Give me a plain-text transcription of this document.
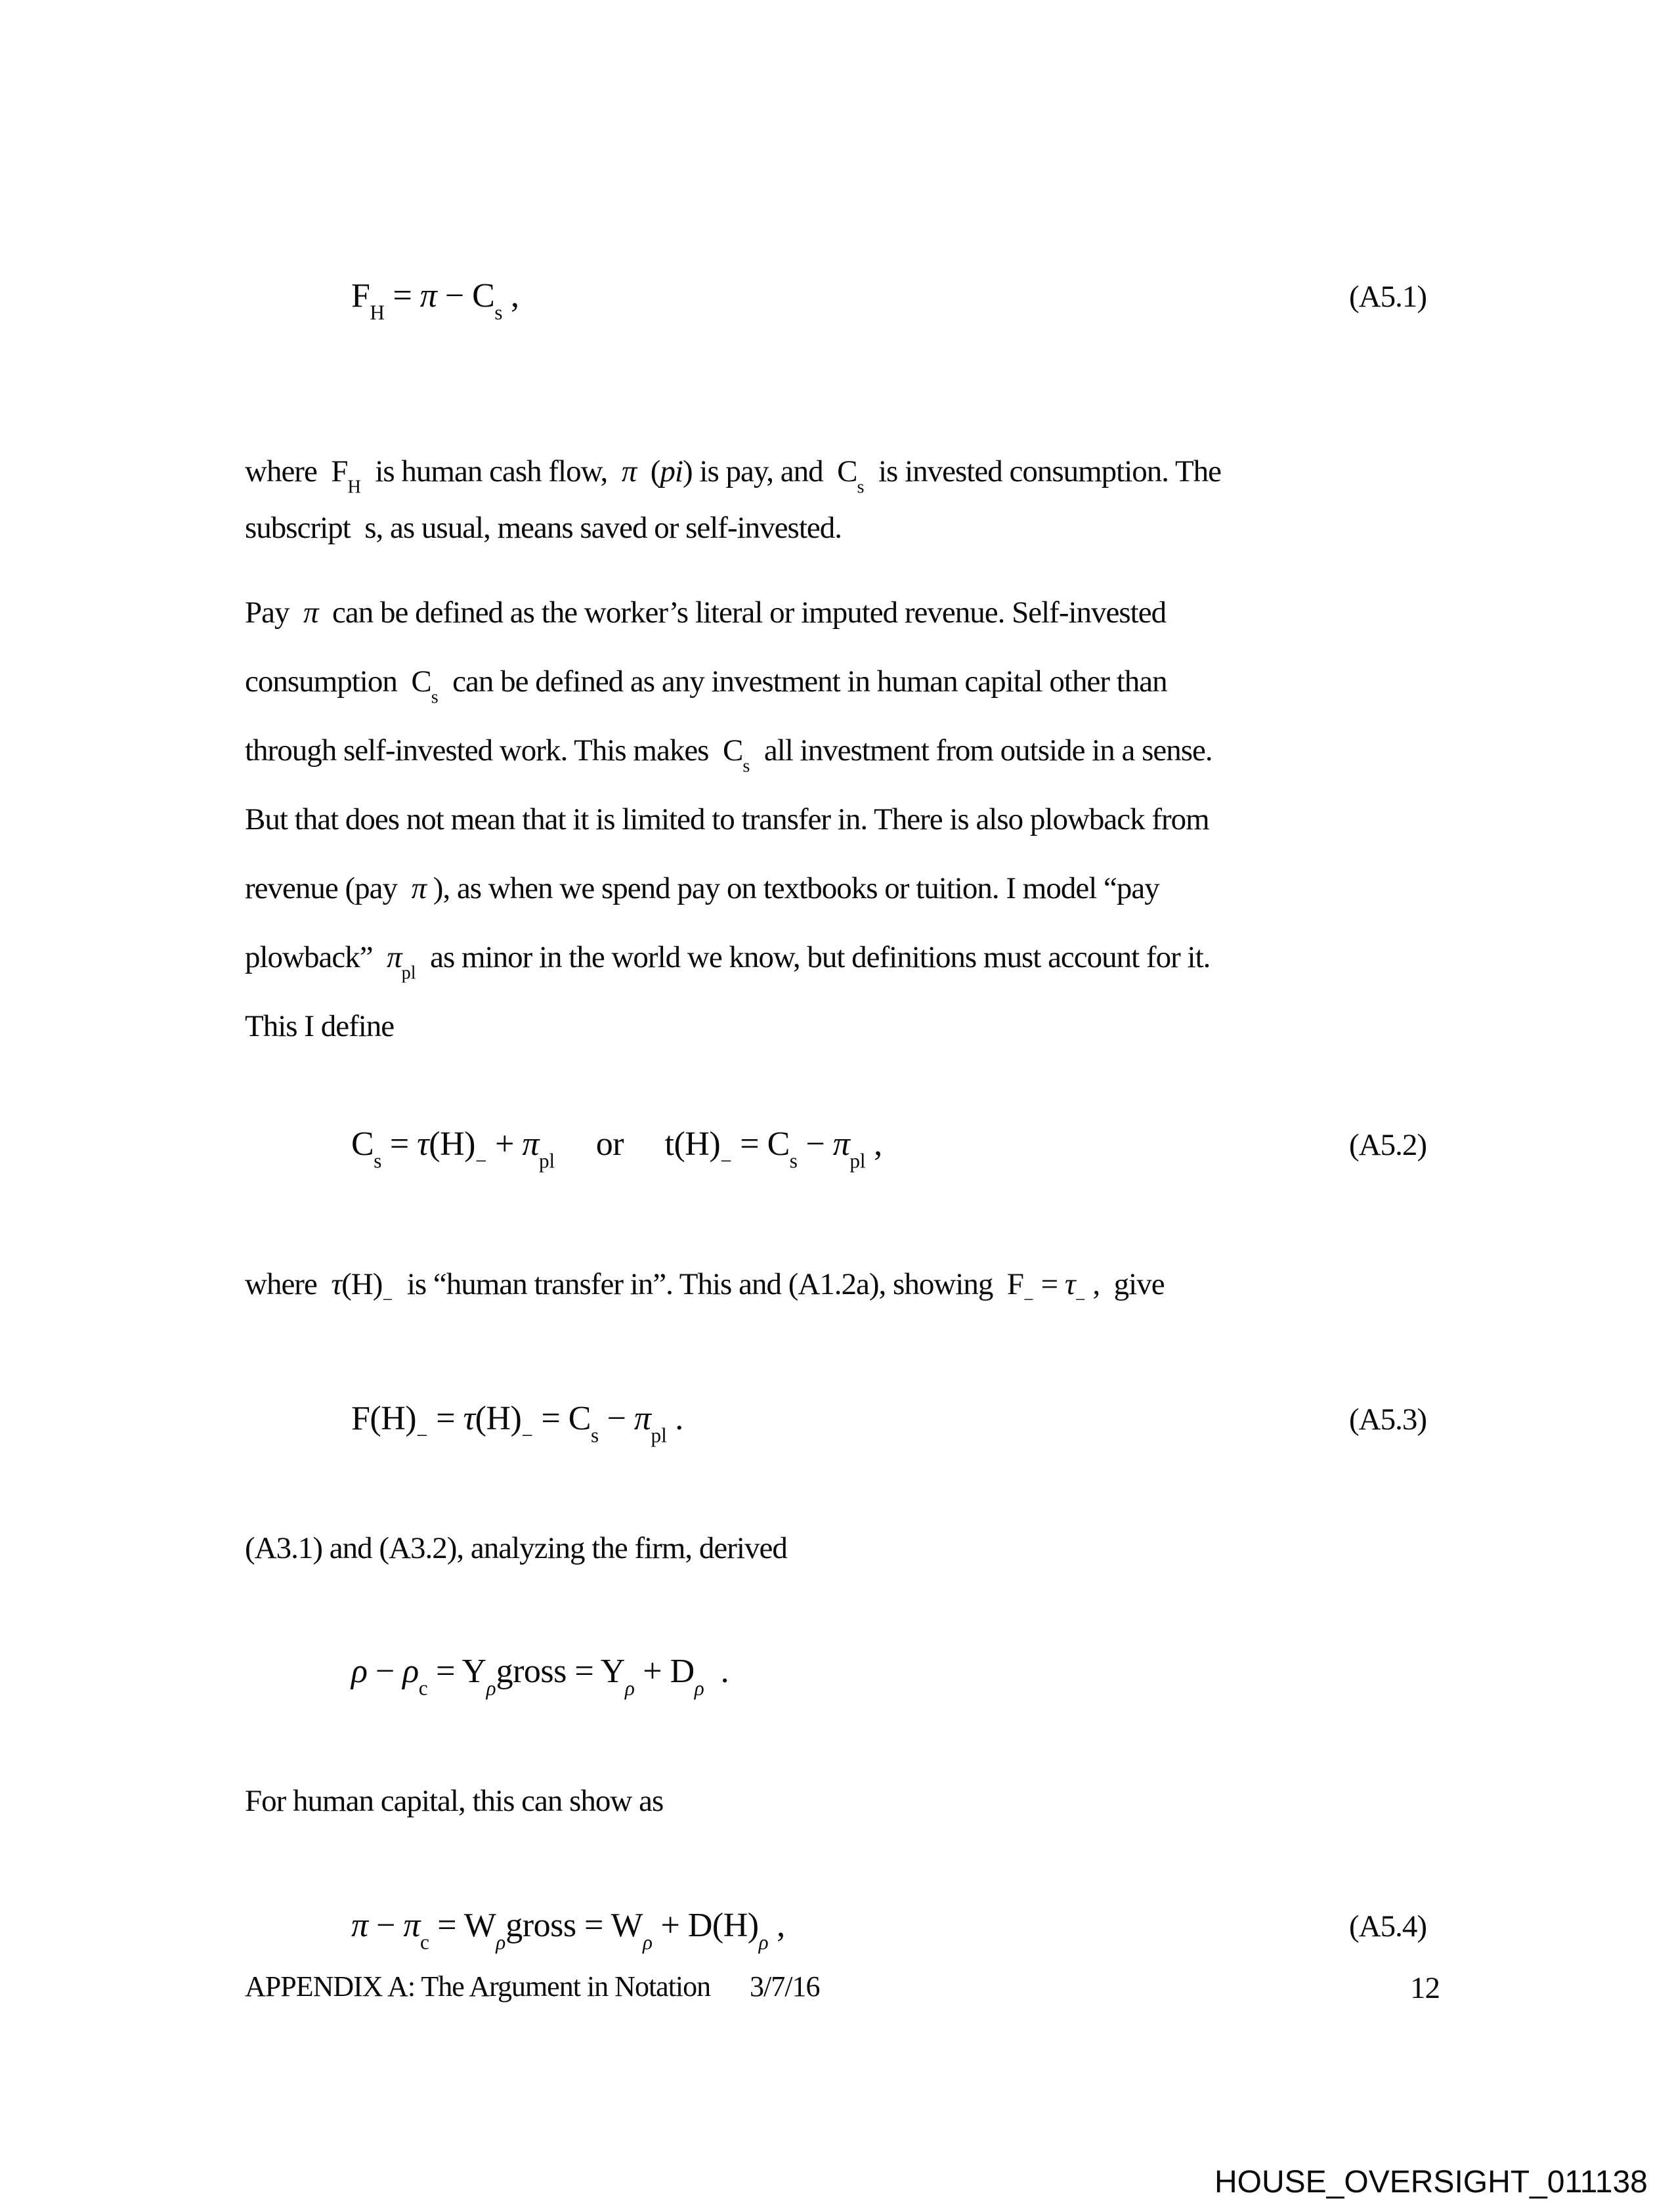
$F_H = \pi - C_s$ ,	(A5.1)
where  $F_H$  is human cash flow,  π  (pi) is pay, and  $C_s$  is invested consumption. The
subscript  s, as usual, means saved or self-invested.
Pay  π  can be defined as the worker’s literal or imputed revenue. Self-invested
consumption  $C_s$  can be defined as any investment in human capital other than
through self-invested work. This makes  $C_s$  all investment from outside in a sense.
But that does not mean that it is limited to transfer in. There is also plowback from
revenue (pay  π ), as when we spend pay on textbooks or tuition. I model “pay
plowback”  $\pi_{pl}$  as minor in the world we know, but definitions must account for it.
This I define
$C_s = \tau(H)_- + \pi_{pl}$     or     $t(H)_- = C_s - \pi_{pl}$ ,	(A5.2)
where  $\tau(H)_-$  is “human transfer in”. This and (A1.2a), showing  $F_- = \tau_-$ ,  give
$F(H)_- = \tau(H)_- = C_s - \pi_{pl}$ .	(A5.3)
(A3.1) and (A3.2), analyzing the firm, derived
$\rho - \rho_c$ = $Y_\rho gross = Y_\rho + D_\rho$  .
For human capital, this can show as
$\pi - \pi_c$ = $W_\rho gross = W_\rho + D(H)_\rho$ ,	(A5.4)
APPENDIX A: The Argument in Notation 3/7/16	12
HOUSE_OVERSIGHT_011138
